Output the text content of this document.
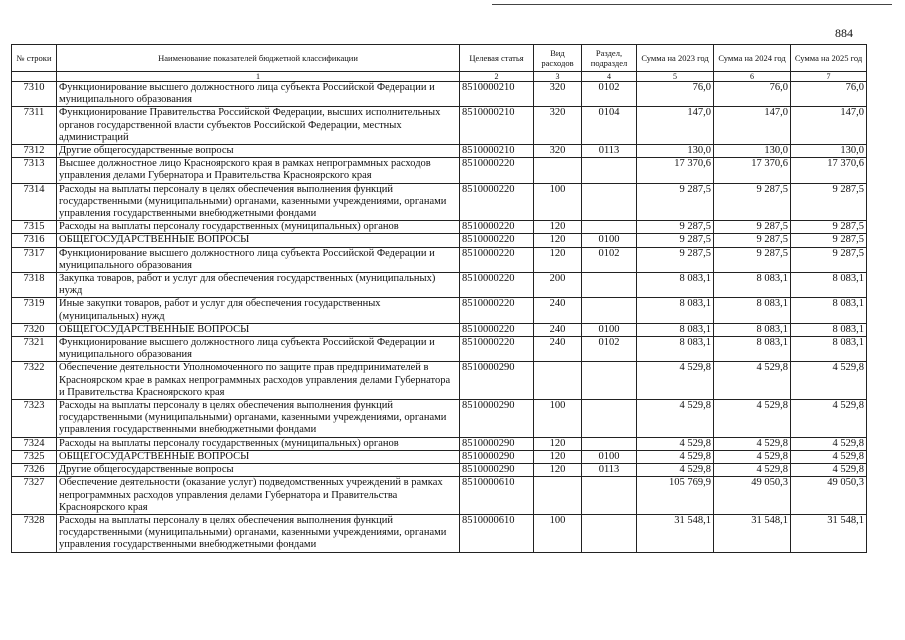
884
№ строки	Наименование показателей бюджетной классификации	Целевая статья	Вид расходов	Раздел, подраздел	Сумма на 2023 год	Сумма на 2024 год	Сумма на 2025 год
	1	2	3	4	5	6	7
7310	Функционирование высшего должностного лица субъекта Российской Федерации и муниципального образования	8510000210	320	0102	76,0	76,0	76,0
7311	Функционирование Правительства Российской Федерации, высших исполнительных органов государственной власти субъектов Российской Федерации, местных администраций	8510000210	320	0104	147,0	147,0	147,0
7312	Другие общегосударственные вопросы	8510000210	320	0113	130,0	130,0	130,0
7313	Высшее должностное лицо Красноярского края в рамках непрограммных расходов управления делами Губернатора и Правительства Красноярского края	8510000220			17 370,6	17 370,6	17 370,6
7314	Расходы на выплаты персоналу в целях обеспечения выполнения функций государственными (муниципальными) органами, казенными учреждениями, органами управления государственными внебюджетными фондами	8510000220	100		9 287,5	9 287,5	9 287,5
7315	Расходы на выплаты персоналу государственных (муниципальных) органов	8510000220	120		9 287,5	9 287,5	9 287,5
7316	ОБЩЕГОСУДАРСТВЕННЫЕ ВОПРОСЫ	8510000220	120	0100	9 287,5	9 287,5	9 287,5
7317	Функционирование высшего должностного лица субъекта Российской Федерации и муниципального образования	8510000220	120	0102	9 287,5	9 287,5	9 287,5
7318	Закупка товаров, работ и услуг для обеспечения государственных (муниципальных) нужд	8510000220	200		8 083,1	8 083,1	8 083,1
7319	Иные закупки товаров, работ и услуг для обеспечения государственных (муниципальных) нужд	8510000220	240		8 083,1	8 083,1	8 083,1
7320	ОБЩЕГОСУДАРСТВЕННЫЕ ВОПРОСЫ	8510000220	240	0100	8 083,1	8 083,1	8 083,1
7321	Функционирование высшего должностного лица субъекта Российской Федерации и муниципального образования	8510000220	240	0102	8 083,1	8 083,1	8 083,1
7322	Обеспечение деятельности Уполномоченного по защите прав предпринимателей в Красноярском крае в рамках непрограммных расходов управления делами Губернатора и Правительства Красноярского края	8510000290			4 529,8	4 529,8	4 529,8
7323	Расходы на выплаты персоналу в целях обеспечения выполнения функций государственными (муниципальными) органами, казенными учреждениями, органами управления государственными внебюджетными фондами	8510000290	100		4 529,8	4 529,8	4 529,8
7324	Расходы на выплаты персоналу государственных (муниципальных) органов	8510000290	120		4 529,8	4 529,8	4 529,8
7325	ОБЩЕГОСУДАРСТВЕННЫЕ ВОПРОСЫ	8510000290	120	0100	4 529,8	4 529,8	4 529,8
7326	Другие общегосударственные вопросы	8510000290	120	0113	4 529,8	4 529,8	4 529,8
7327	Обеспечение деятельности (оказание услуг) подведомственных учреждений в рамках непрограммных расходов управления делами Губернатора и Правительства Красноярского края	8510000610			105 769,9	49 050,3	49 050,3
7328	Расходы на выплаты персоналу в целях обеспечения выполнения функций государственными (муниципальными) органами, казенными учреждениями, органами управления государственными внебюджетными фондами	8510000610	100		31 548,1	31 548,1	31 548,1
